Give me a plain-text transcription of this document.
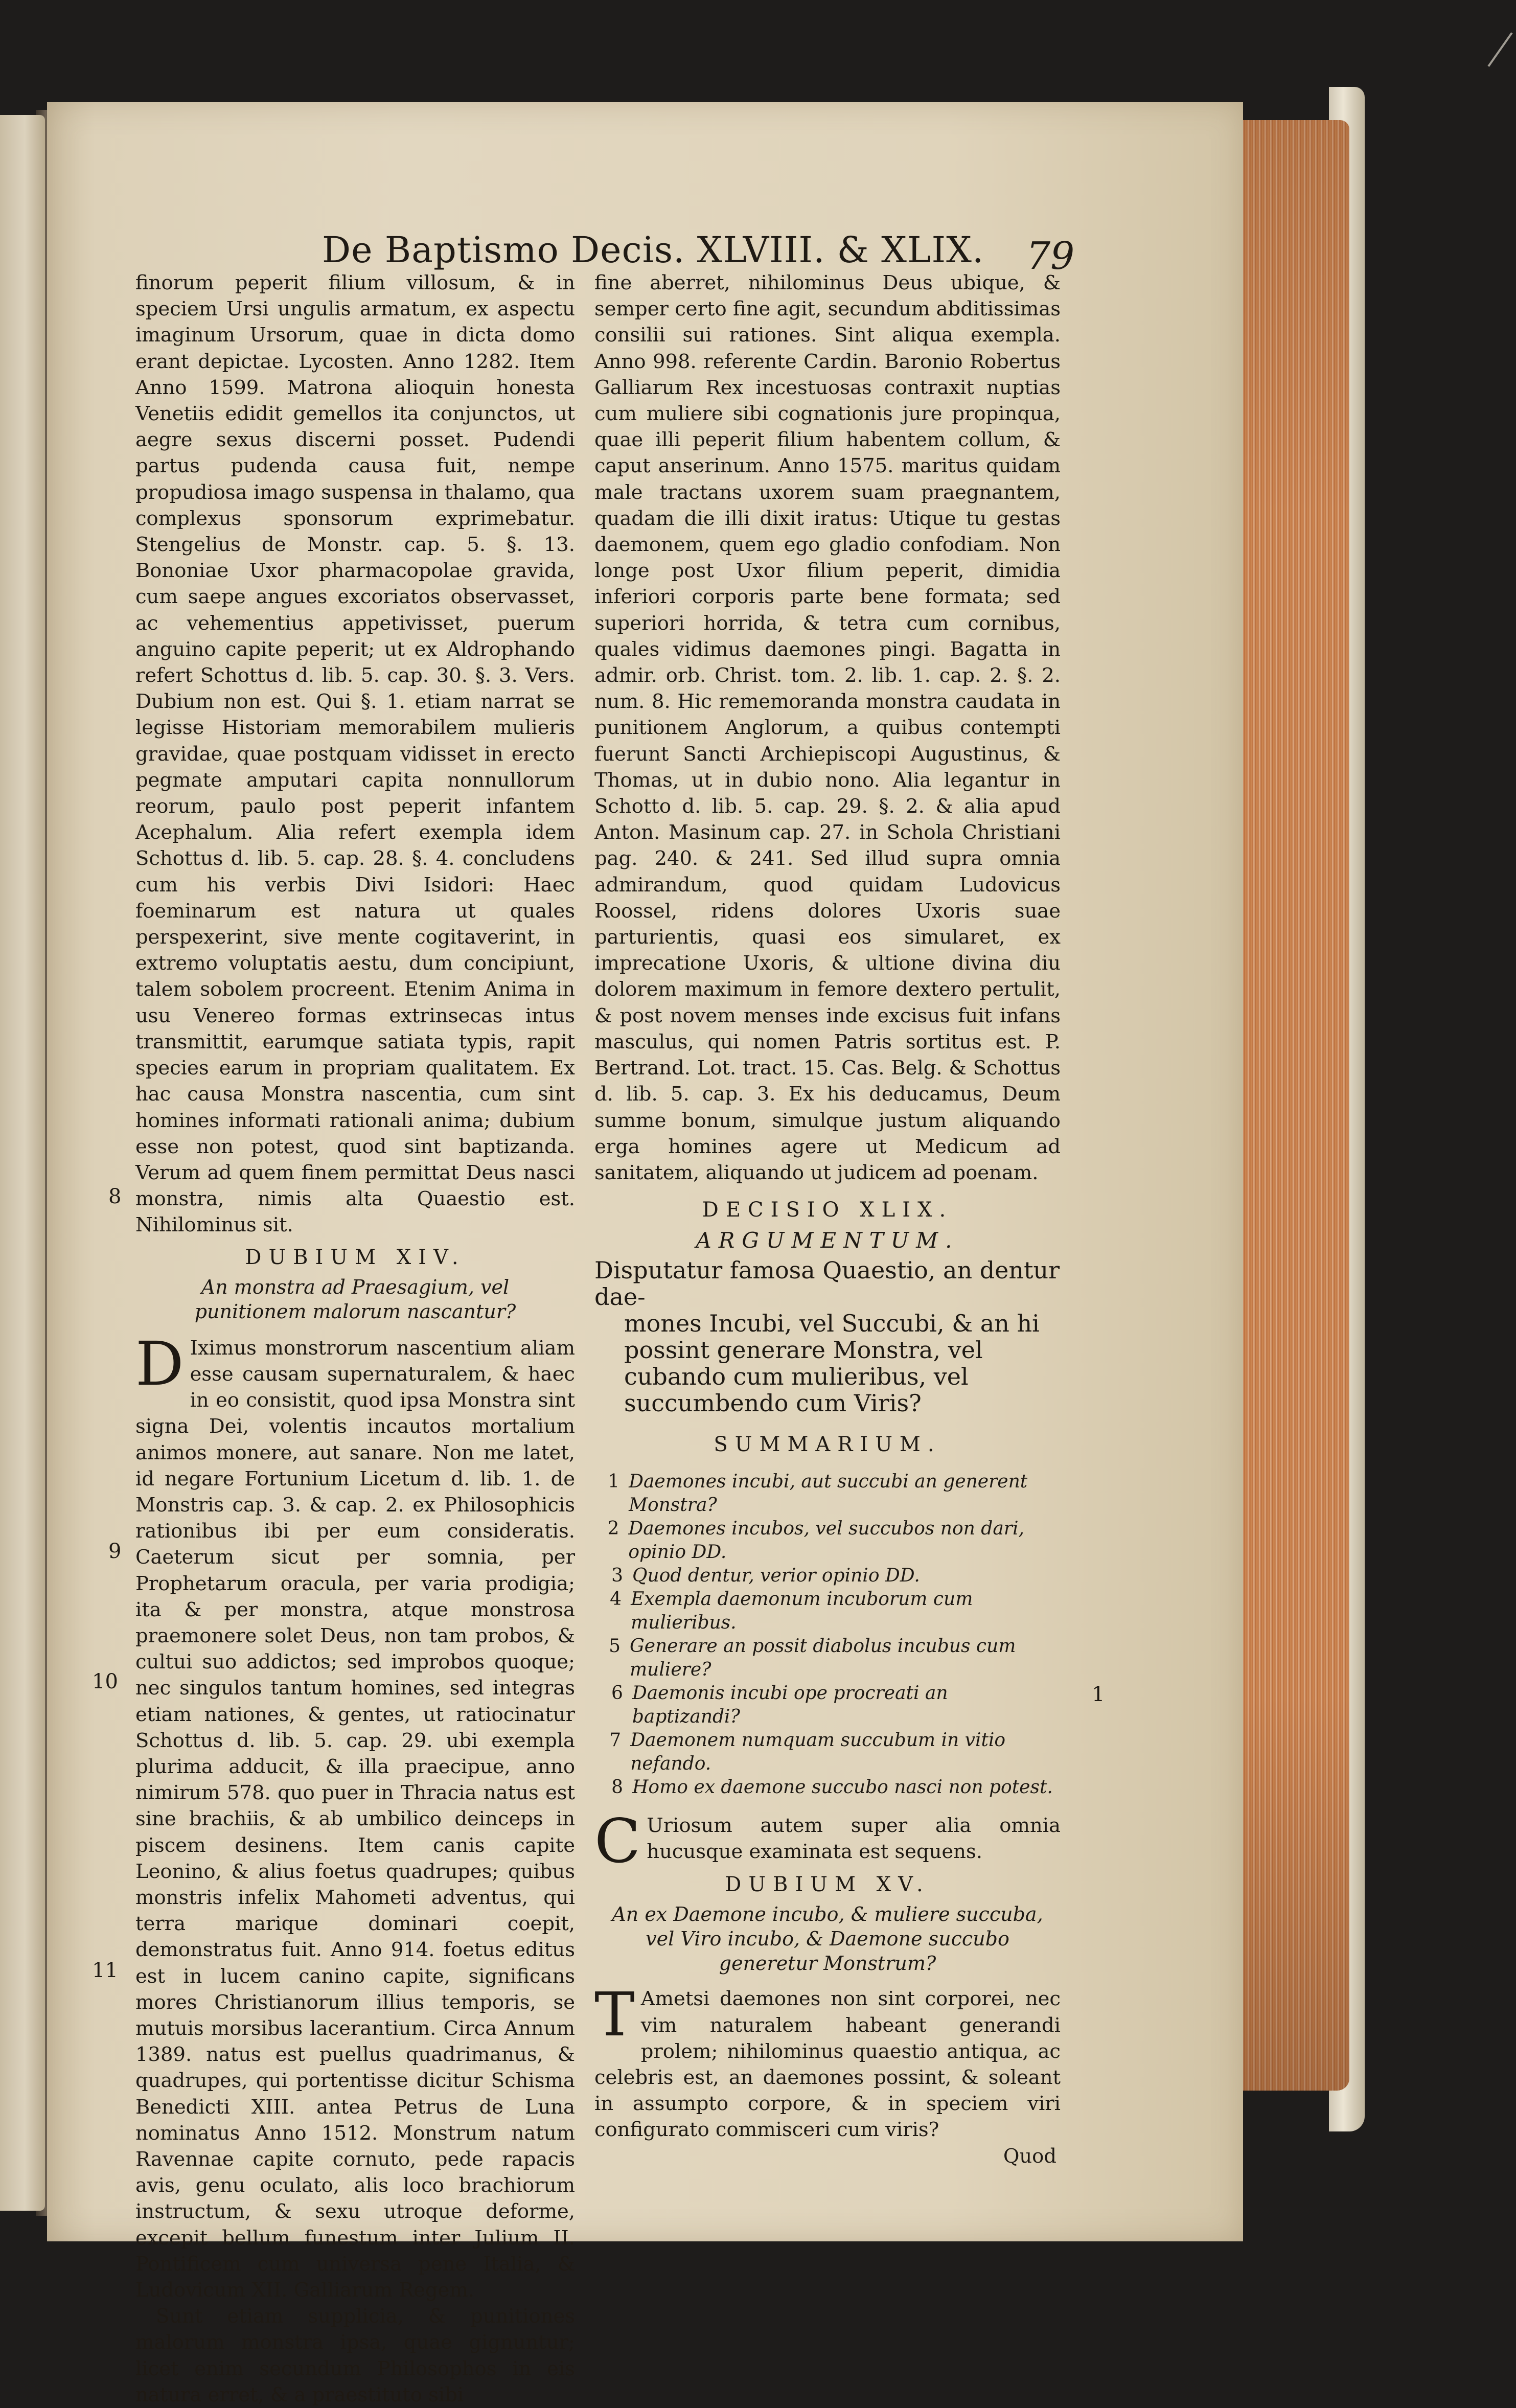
De Baptismo Decis. XLVIII. & XLIX.	79

finorum peperit filium villosum, & in speciem Ursi ungulis armatum, ex aspectu imaginum Ursorum, quae in dicta domo erant depictae. Lycosten. Anno 1282. Item Anno 1599. Matrona alioquin honesta Venetiis edidit gemellos ita conjunctos, ut aegre sexus discerni posset. Pudendi partus pudenda causa fuit, nempe propudiosa imago suspensa in thalamo, qua complexus sponsorum exprimebatur. Stengelius de Monstr. cap. 5. §. 13. Bononiae Uxor pharmacopolae gravida, cum saepe angues excoriatos observasset, ac vehementius appetivisset, puerum anguino capite peperit; ut ex Aldrophando refert Schottus d. lib. 5. cap. 30. §. 3. Vers. Dubium non est. Qui §. 1. etiam narrat se legisse Historiam memorabilem mulieris gravidae, quae postquam vidisset in erecto pegmate amputari capita nonnullorum reorum, paulo post peperit infantem Acephalum. Alia refert exempla idem Schottus d. lib. 5. cap. 28. §. 4. concludens cum his verbis Divi Isidori: Haec foeminarum est natura ut quales perspexerint, sive mente cogitaverint, in extremo voluptatis aestu, dum concipiunt, talem sobolem procreent. Etenim Anima in usu Venereo formas extrinsecas intus transmittit, earumque satiata typis, rapit species earum in propriam qualitatem. Ex hac causa Monstra nascentia, cum sint homines informati rationali anima; dubium esse non potest, quod sint baptizanda. Verum ad quem finem permittat Deus nasci monstra, nimis alta Quaestio est. Nihilominus sit.

DUBIUM XIV.
An monstra ad Praesagium, vel punitionem malorum nascantur?

D Iximus monstrorum nascentium aliam esse causam supernaturalem, & haec in eo consistit, quod ipsa Monstra sint signa Dei, volentis incautos mortalium animos monere, aut sanare. Non me latet, id negare Fortunium Licetum d. lib. 1. de Monstris cap. 3. & cap. 2. ex Philosophicis rationibus ibi per eum consideratis. Caeterum sicut per somnia, per Prophetarum oracula, per varia prodigia; ita & per monstra, atque monstrosa praemonere solet Deus, non tam probos, & cultui suo addictos; sed improbos quoque; nec singulos tantum homines, sed integras etiam nationes, & gentes, ut ratiocinatur Schottus d. lib. 5. cap. 29. ubi exempla plurima adducit, & illa praecipue, anno nimirum 578. quo puer in Thracia natus est sine brachiis, & ab umbilico deinceps in piscem desinens. Item canis capite Leonino, & alius foetus quadrupes; quibus monstris infelix Mahometi adventus, qui terra marique dominari coepit, demonstratus fuit. Anno 914. foetus editus est in lucem canino capite, significans mores Christianorum illius temporis, se mutuis morsibus lacerantium. Circa Annum 1389. natus est puellus quadrimanus, & quadrupes, qui portentisse dicitur Schisma Benedicti XIII. antea Petrus de Luna nominatus Anno 1512. Monstrum natum Ravennae capite cornuto, pede rapacis avis, genu oculato, alis loco brachiorum instructum, & sexu utroque deforme, excepit bellum funestum inter Julium II. Pontificem cum universa pene Italia, & Ludovicum XII. Galliarum Regem.

Sunt etiam supplicia, & punitiones malorum monstra ipsa, quae gignuntur; licet enim secundum Philosophos in eis natura erret, & a praestituto sibi

8
9
10
11

fine aberret, nihilominus Deus ubique, & semper certo fine agit, secundum abditissimas consilii sui rationes. Sint aliqua exempla. Anno 998. referente Cardin. Baronio Robertus Galliarum Rex incestuosas contraxit nuptias cum muliere sibi cognationis jure propinqua, quae illi peperit filium habentem collum, & caput anserinum. Anno 1575. maritus quidam male tractans uxorem suam praegnantem, quadam die illi dixit iratus: Utique tu gestas daemonem, quem ego gladio confodiam. Non longe post Uxor filium peperit, dimidia inferiori corporis parte bene formata; sed superiori horrida, & tetra cum cornibus, quales vidimus daemones pingi. Bagatta in admir. orb. Christ. tom. 2. lib. 1. cap. 2. §. 2. num. 8. Hic rememoranda monstra caudata in punitionem Anglorum, a quibus contempti fuerunt Sancti Archiepiscopi Augustinus, & Thomas, ut in dubio nono. Alia legantur in Schotto d. lib. 5. cap. 29. §. 2. & alia apud Anton. Masinum cap. 27. in Schola Christiani pag. 240. & 241. Sed illud supra omnia admirandum, quod quidam Ludovicus Roossel, ridens dolores Uxoris suae parturientis, quasi eos simularet, ex imprecatione Uxoris, & ultione divina diu dolorem maximum in femore dextero pertulit, & post novem menses inde excisus fuit infans masculus, qui nomen Patris sortitus est. P. Bertrand. Lot. tract. 15. Cas. Belg. & Schottus d. lib. 5. cap. 3. Ex his deducamus, Deum summe bonum, simulque justum aliquando erga homines agere ut Medicum ad sanitatem, aliquando ut judicem ad poenam.

DECISIO XLIX.
ARGUMENTUM.
Disputatur famosa Quaestio, an dentur dae-
mones Incubi, vel Succubi, & an hi possint generare Monstra, vel cubando cum mulieribus, vel succumbendo cum Viris?
SUMMARIUM.
1 Daemones incubi, aut succubi an generent Monstra?
2 Daemones incubos, vel succubos non dari, opinio DD.
3 Quod dentur, verior opinio DD.
4 Exempla daemonum incuborum cum mulieribus.
5 Generare an possit diabolus incubus cum muliere?
6 Daemonis incubi ope procreati an baptizandi?
7 Daemonem numquam succubum in vitio nefando.
8 Homo ex daemone succubo nasci non potest.

C Uriosum autem super alia omnia hucusque examinata est sequens.

DUBIUM XV.
An ex Daemone incubo, & muliere succuba, vel Viro incubo, & Daemone succubo generetur Monstrum?

T Ametsi daemones non sint corporei, nec vim naturalem habeant generandi prolem; nihilominus quaestio antiqua, ac celebris est, an daemones possint, & soleant in assumpto corpore, & in speciem viri configurato commisceri cum viris?

Quod
1
